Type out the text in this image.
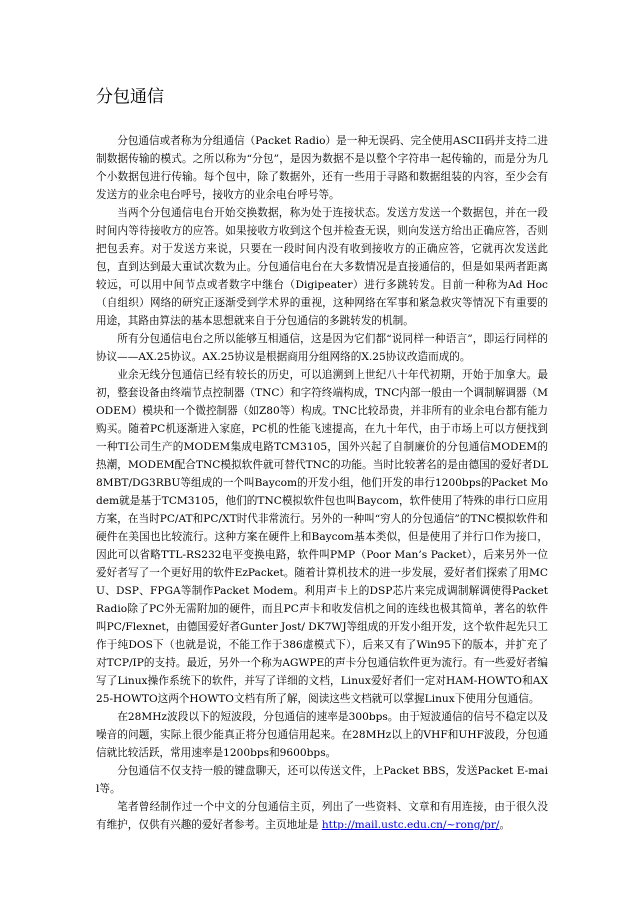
分包通信

分包通信或者称为分组通信（Packet Radio）是一种无误码、完全使用ASCII码并支持二进制数据传输的模式。之所以称为“分包”，是因为数据不是以整个字符串一起传输的，而是分为几个小数据包进行传输。每个包中，除了数据外，还有一些用于寻路和数据组装的内容，至少会有发送方的业余电台呼号，接收方的业余电台呼号等。

当两个分包通信电台开始交换数据，称为处于连接状态。发送方发送一个数据包，并在一段时间内等待接收方的应答。如果接收方收到这个包并检查无误，则向发送方给出正确应答，否则把包丢弃。对于发送方来说，只要在一段时间内没有收到接收方的正确应答，它就再次发送此包，直到达到最大重试次数为止。分包通信电台在大多数情况是直接通信的，但是如果两者距离较远，可以用中间节点或者数字中继台（Digipeater）进行多跳转发。目前一种称为Ad Hoc（自组织）网络的研究正逐渐受到学术界的重视，这种网络在军事和紧急救灾等情况下有重要的用途，其路由算法的基本思想就来自于分包通信的多跳转发的机制。

所有分包通信电台之所以能够互相通信，这是因为它们都“说同样一种语言”，即运行同样的协议——AX.25协议。AX.25协议是根据商用分组网络的X.25协议改造而成的。

业余无线分包通信已经有较长的历史，可以追溯到上世纪八十年代初期，开始于加拿大。最初，整套设备由终端节点控制器（TNC）和字符终端构成，TNC内部一般由一个调制解调器（MODEM）模块和一个微控制器（如Z80等）构成。TNC比较昂贵，并非所有的业余电台都有能力购买。随着PC机逐渐进入家庭，PC机的性能飞速提高，在九十年代，由于市场上可以方便找到一种TI公司生产的MODEM集成电路TCM3105，国外兴起了自制廉价的分包通信MODEM的热潮，MODEM配合TNC模拟软件就可替代TNC的功能。当时比较著名的是由德国的爱好者DL8MBT/DG3RBU等组成的一个叫Baycom的开发小组，他们开发的串行1200bps的Packet Modem就是基于TCM3105，他们的TNC模拟软件包也叫Baycom，软件使用了特殊的串行口应用方案，在当时PC/AT和PC/XT时代非常流行。另外的一种叫“穷人的分包通信”的TNC模拟软件和硬件在美国也比较流行。这种方案在硬件上和Baycom基本类似，但是使用了并行口作为接口，因此可以省略TTL-RS232电平变换电路，软件叫PMP（Poor Man’s Packet），后来另外一位爱好者写了一个更好用的软件EzPacket。随着计算机技术的进一步发展，爱好者们探索了用MCU、DSP、FPGA等制作Packet Modem。利用声卡上的DSP芯片来完成调制解调使得Packet Radio除了PC外无需附加的硬件，而且PC声卡和收发信机之间的连线也极其简单，著名的软件叫PC/Flexnet，由德国爱好者Gunter Jost/ DK7WJ等组成的开发小组开发，这个软件起先只工作于纯DOS下（也就是说，不能工作于386虚模式下），后来又有了Win95下的版本，并扩充了对TCP/IP的支持。最近，另外一个称为AGWPE的声卡分包通信软件更为流行。有一些爱好者编写了Linux操作系统下的软件，并写了详细的文档，Linux爱好者们一定对HAM-HOWTO和AX25-HOWTO这两个HOWTO文档有所了解，阅读这些文档就可以掌握Linux下使用分包通信。

在28MHz波段以下的短波段，分包通信的速率是300bps。由于短波通信的信号不稳定以及噪音的问题，实际上很少能真正将分包通信用起来。在28MHz以上的VHF和UHF波段，分包通信就比较活跃，常用速率是1200bps和9600bps。

分包通信不仅支持一般的键盘聊天，还可以传送文件，上Packet BBS，发送Packet E-mail等。

笔者曾经制作过一个中文的分包通信主页，列出了一些资料、文章和有用连接，由于很久没有维护，仅供有兴趣的爱好者参考。主页地址是 http://mail.ustc.edu.cn/~rong/pr/。
